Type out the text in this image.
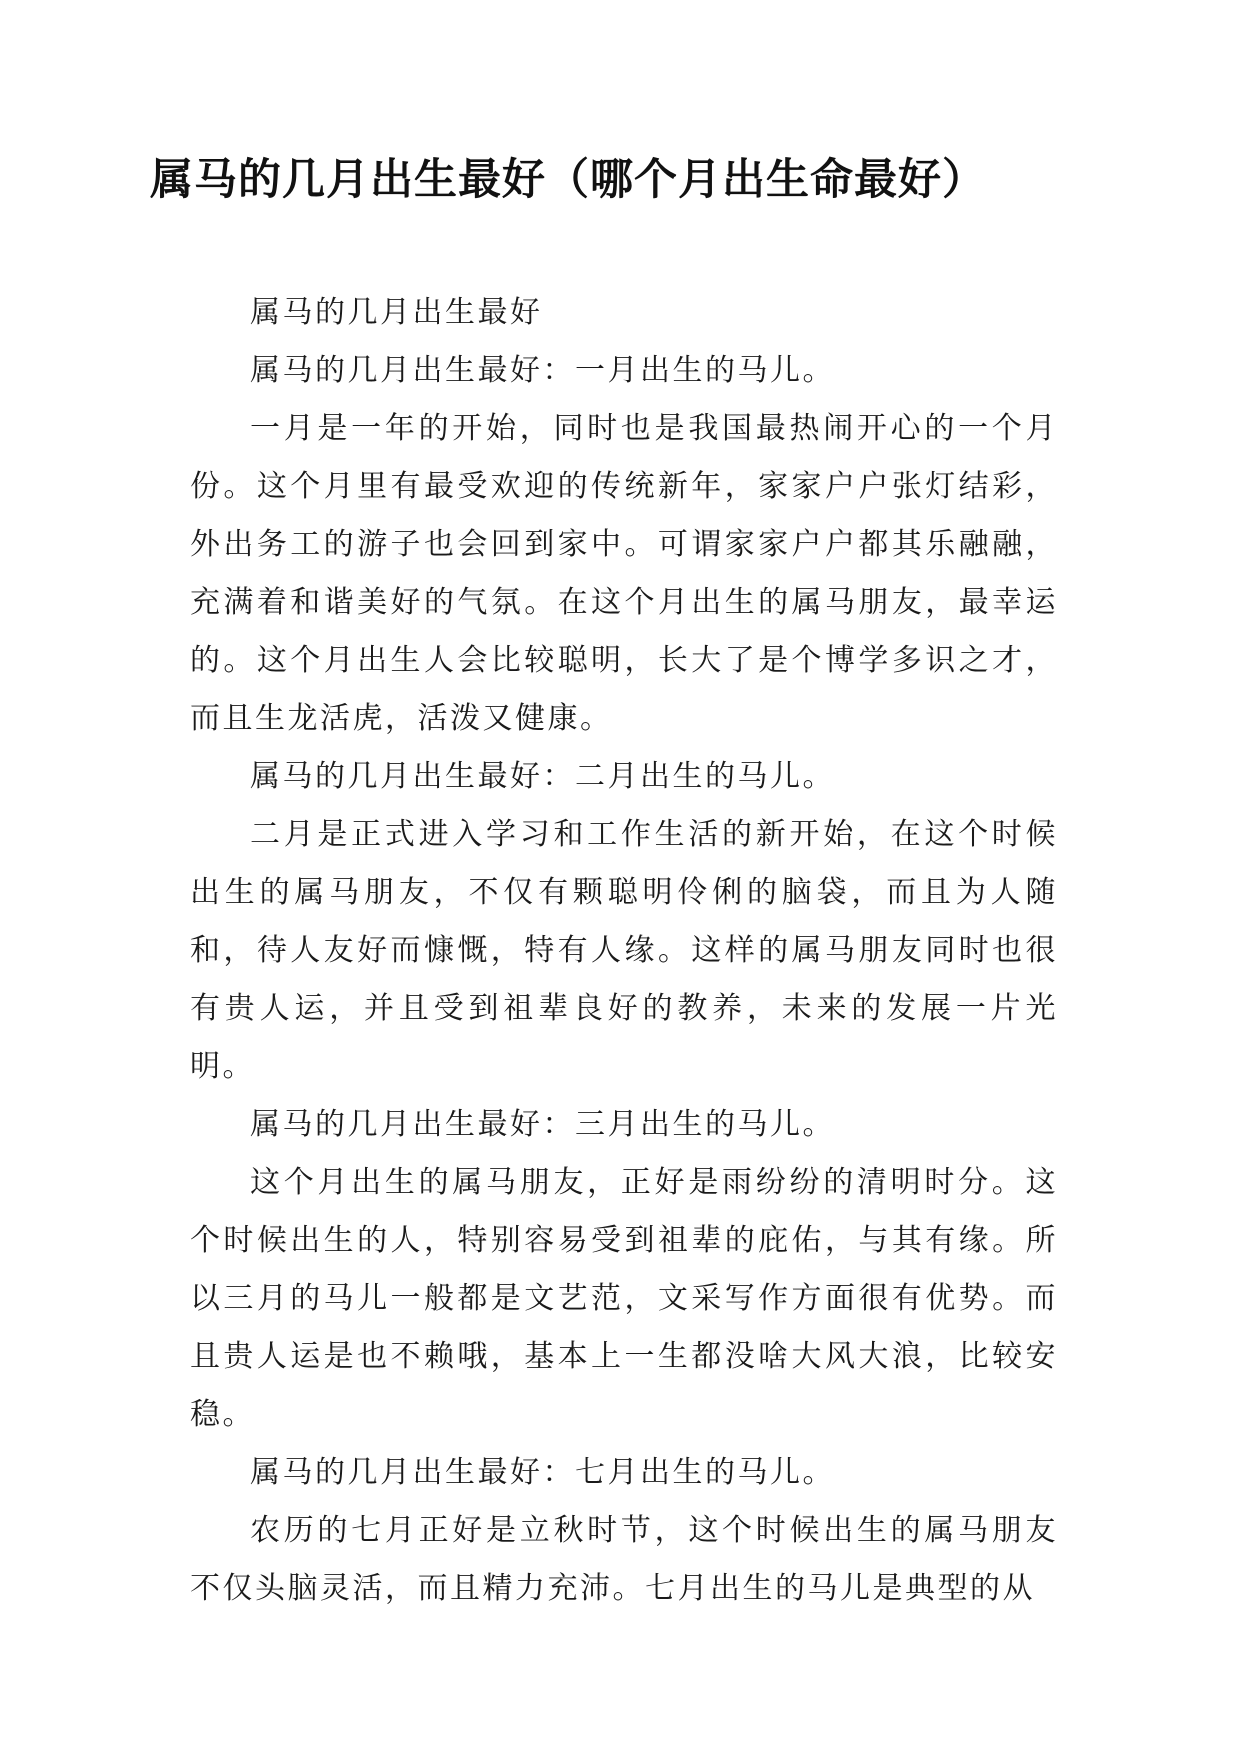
属马的几月出生最好（哪个月出生命最好）

属马的几月出生最好

属马的几月出生最好：一月出生的马儿。

一月是一年的开始，同时也是我国最热闹开心的一个月份。这个月里有最受欢迎的传统新年，家家户户张灯结彩，外出务工的游子也会回到家中。可谓家家户户都其乐融融，充满着和谐美好的气氛。在这个月出生的属马朋友，最幸运的。这个月出生人会比较聪明，长大了是个博学多识之才，而且生龙活虎，活泼又健康。

属马的几月出生最好：二月出生的马儿。

二月是正式进入学习和工作生活的新开始，在这个时候出生的属马朋友，不仅有颗聪明伶俐的脑袋，而且为人随和，待人友好而慷慨，特有人缘。这样的属马朋友同时也很有贵人运，并且受到祖辈良好的教养，未来的发展一片光明。

属马的几月出生最好：三月出生的马儿。

这个月出生的属马朋友，正好是雨纷纷的清明时分。这个时候出生的人，特别容易受到祖辈的庇佑，与其有缘。所以三月的马儿一般都是文艺范，文采写作方面很有优势。而且贵人运是也不赖哦，基本上一生都没啥大风大浪，比较安稳。

属马的几月出生最好：七月出生的马儿。

农历的七月正好是立秋时节，这个时候出生的属马朋友不仅头脑灵活，而且精力充沛。七月出生的马儿是典型的从
